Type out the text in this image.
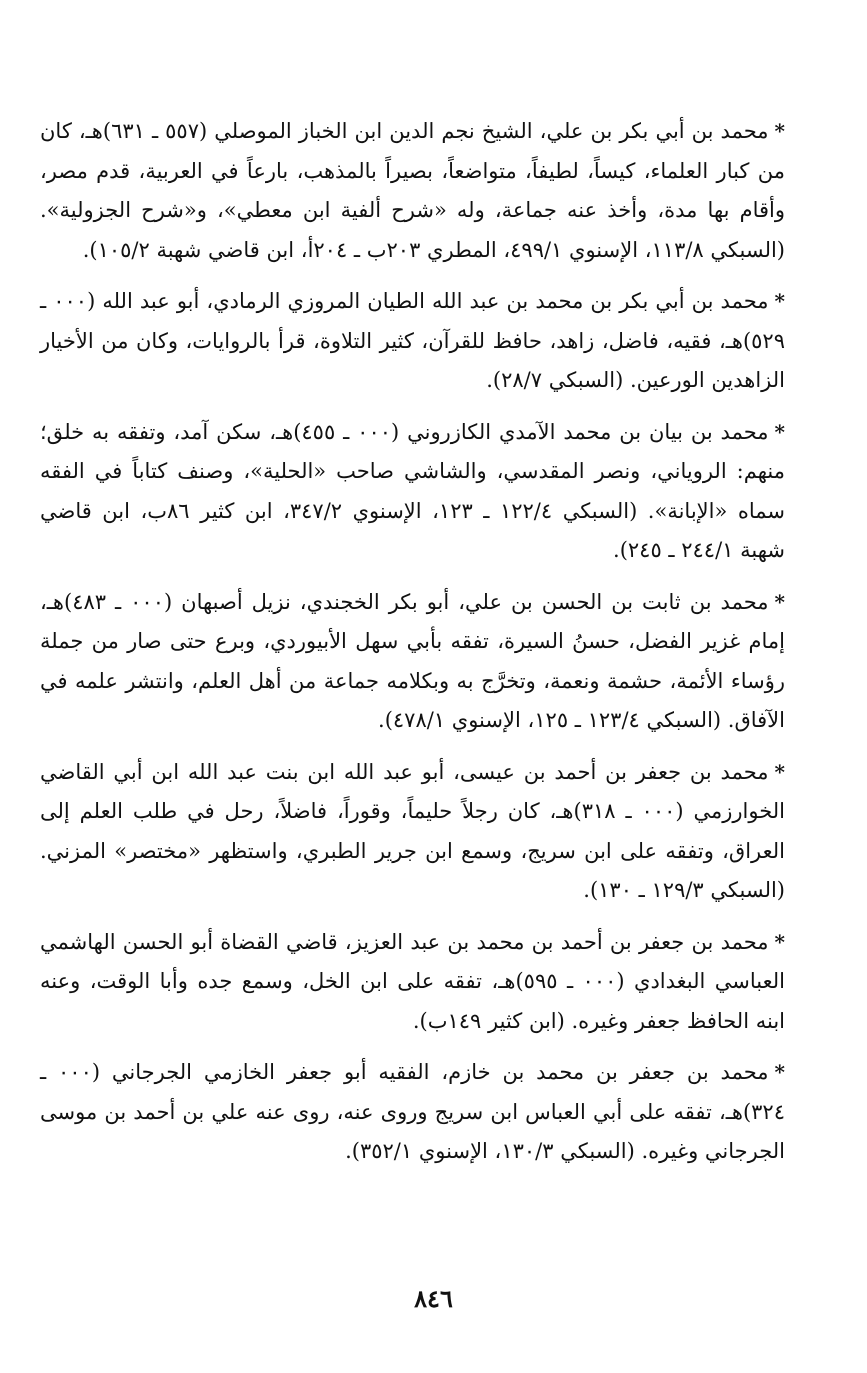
*محمد بن أبي بكر بن علي، الشيخ نجم الدين ابن الخباز الموصلي (٥٥٧ ـ ٦٣١)هـ، كان من كبار العلماء، كيساً، لطيفاً، متواضعاً، بصيراً بالمذهب، بارعاً في العربية، قدم مصر، وأقام بها مدة، وأخذ عنه جماعة، وله «شرح ألفية ابن معطي»، و«شرح الجزولية». (السبكي ١١٣/٨، الإسنوي ٤٩٩/١، المطري ٢٠٣ب ـ ٢٠٤أ، ابن قاضي شهبة ١٠٥/٢).
*محمد بن أبي بكر بن محمد بن عبد الله الطيان المروزي الرمادي، أبو عبد الله (٠٠٠ ـ ٥٢٩)هـ، فقيه، فاضل، زاهد، حافظ للقرآن، كثير التلاوة، قرأ بالروايات، وكان من الأخيار الزاهدين الورعين. (السبكي ٢٨/٧).
*محمد بن بيان بن محمد الآمدي الكازروني (٠٠٠ ـ ٤٥٥)هـ، سكن آمد، وتفقه به خلق؛ منهم: الروياني، ونصر المقدسي، والشاشي صاحب «الحلية»، وصنف كتاباً في الفقه سماه «الإبانة». (السبكي ١٢٢/٤ ـ ١٢٣، الإسنوي ٣٤٧/٢، ابن كثير ٨٦ب، ابن قاضي شهبة ٢٤٤/١ ـ ٢٤٥).
*محمد بن ثابت بن الحسن بن علي، أبو بكر الخجندي، نزيل أصبهان (٠٠٠ ـ ٤٨٣)هـ، إمام غزير الفضل، حسنُ السيرة، تفقه بأبي سهل الأبيوردي، وبرع حتى صار من جملة رؤساء الأئمة، حشمة ونعمة، وتخرَّج به وبكلامه جماعة من أهل العلم، وانتشر علمه في الآفاق. (السبكي ١٢٣/٤ ـ ١٢٥، الإسنوي ٤٧٨/١).
*محمد بن جعفر بن أحمد بن عيسى، أبو عبد الله ابن بنت عبد الله ابن أبي القاضي الخوارزمي (٠٠٠ ـ ٣١٨)هـ، كان رجلاً حليماً، وقوراً، فاضلاً، رحل في طلب العلم إلى العراق، وتفقه على ابن سريج، وسمع ابن جرير الطبري، واستظهر «مختصر» المزني. (السبكي ١٢٩/٣ ـ ١٣٠).
*محمد بن جعفر بن أحمد بن محمد بن عبد العزيز، قاضي القضاة أبو الحسن الهاشمي العباسي البغدادي (٠٠٠ ـ ٥٩٥)هـ، تفقه على ابن الخل، وسمع جده وأبا الوقت، وعنه ابنه الحافظ جعفر وغيره. (ابن كثير ١٤٩ب).
*محمد بن جعفر بن محمد بن خازم، الفقيه أبو جعفر الخازمي الجرجاني (٠٠٠ ـ ٣٢٤)هـ، تفقه على أبي العباس ابن سريج وروى عنه، روى عنه علي بن أحمد بن موسى الجرجاني وغيره. (السبكي ١٣٠/٣، الإسنوي ٣٥٢/١).
٨٤٦
